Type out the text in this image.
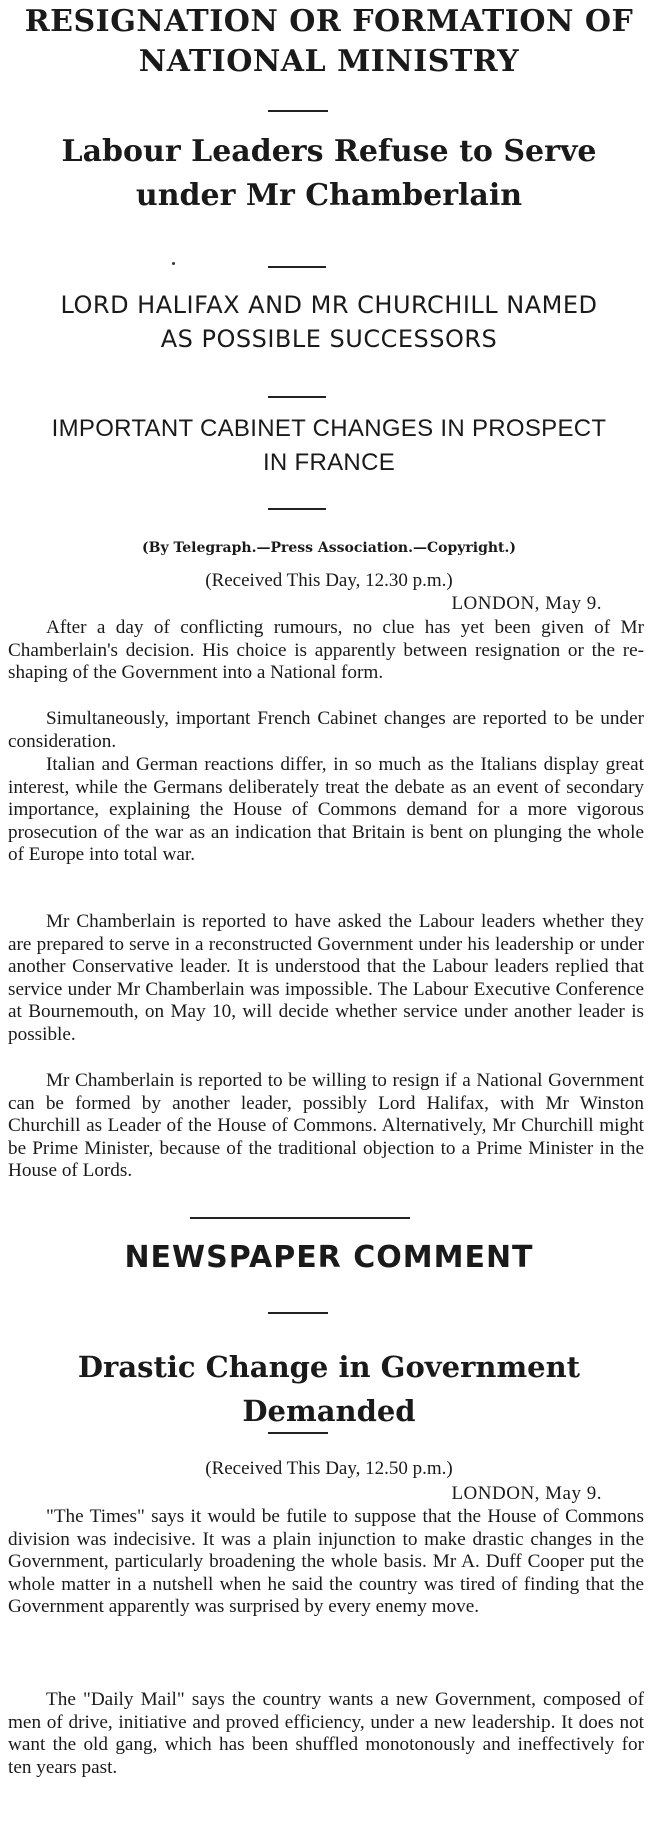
RESIGNATION OR FORMATION OF
NATIONAL MINISTRY
Labour Leaders Refuse to Serve
under Mr Chamberlain
LORD HALIFAX AND MR CHURCHILL NAMED
AS POSSIBLE SUCCESSORS
IMPORTANT CABINET CHANGES IN PROSPECT
IN FRANCE
(By Telegraph.—Press Association.—Copyright.)
(Received This Day, 12.30 p.m.)
LONDON, May 9.

After a day of conflicting rumours, no clue has yet been given of Mr Chamberlain's decision. His choice is apparently between resignation or the re-shaping of the Government into a National form.

Simultaneously, important French Cabinet changes are reported to be under consideration.

Italian and German reactions differ, in so much as the Italians display great interest, while the Germans deliberately treat the debate as an event of secondary importance, explaining the House of Commons demand for a more vigorous prosecution of the war as an indication that Britain is bent on plunging the whole of Europe into total war.

Mr Chamberlain is reported to have asked the Labour leaders whether they are prepared to serve in a reconstructed Government under his leadership or under another Conservative leader. It is understood that the Labour leaders replied that service under Mr Chamberlain was impossible. The Labour Executive Conference at Bournemouth, on May 10, will decide whether service under another leader is possible.

Mr Chamberlain is reported to be willing to resign if a National Government can be formed by another leader, possibly Lord Halifax, with Mr Winston Churchill as Leader of the House of Commons. Alternatively, Mr Churchill might be Prime Minister, because of the traditional objection to a Prime Minister in the House of Lords.

NEWSPAPER COMMENT
Drastic Change in Government Demanded
(Received This Day, 12.50 p.m.)
LONDON, May 9.

"The Times" says it would be futile to suppose that the House of Commons division was indecisive. It was a plain injunction to make drastic changes in the Government, particularly broadening the whole basis. Mr A. Duff Cooper put the whole matter in a nutshell when he said the country was tired of finding that the Government apparently was surprised by every enemy move.

The "Daily Mail" says the country wants a new Government, composed of men of drive, initiative and proved efficiency, under a new leadership. It does not want the old gang, which has been shuffled monotonously and ineffectively for ten years past.
